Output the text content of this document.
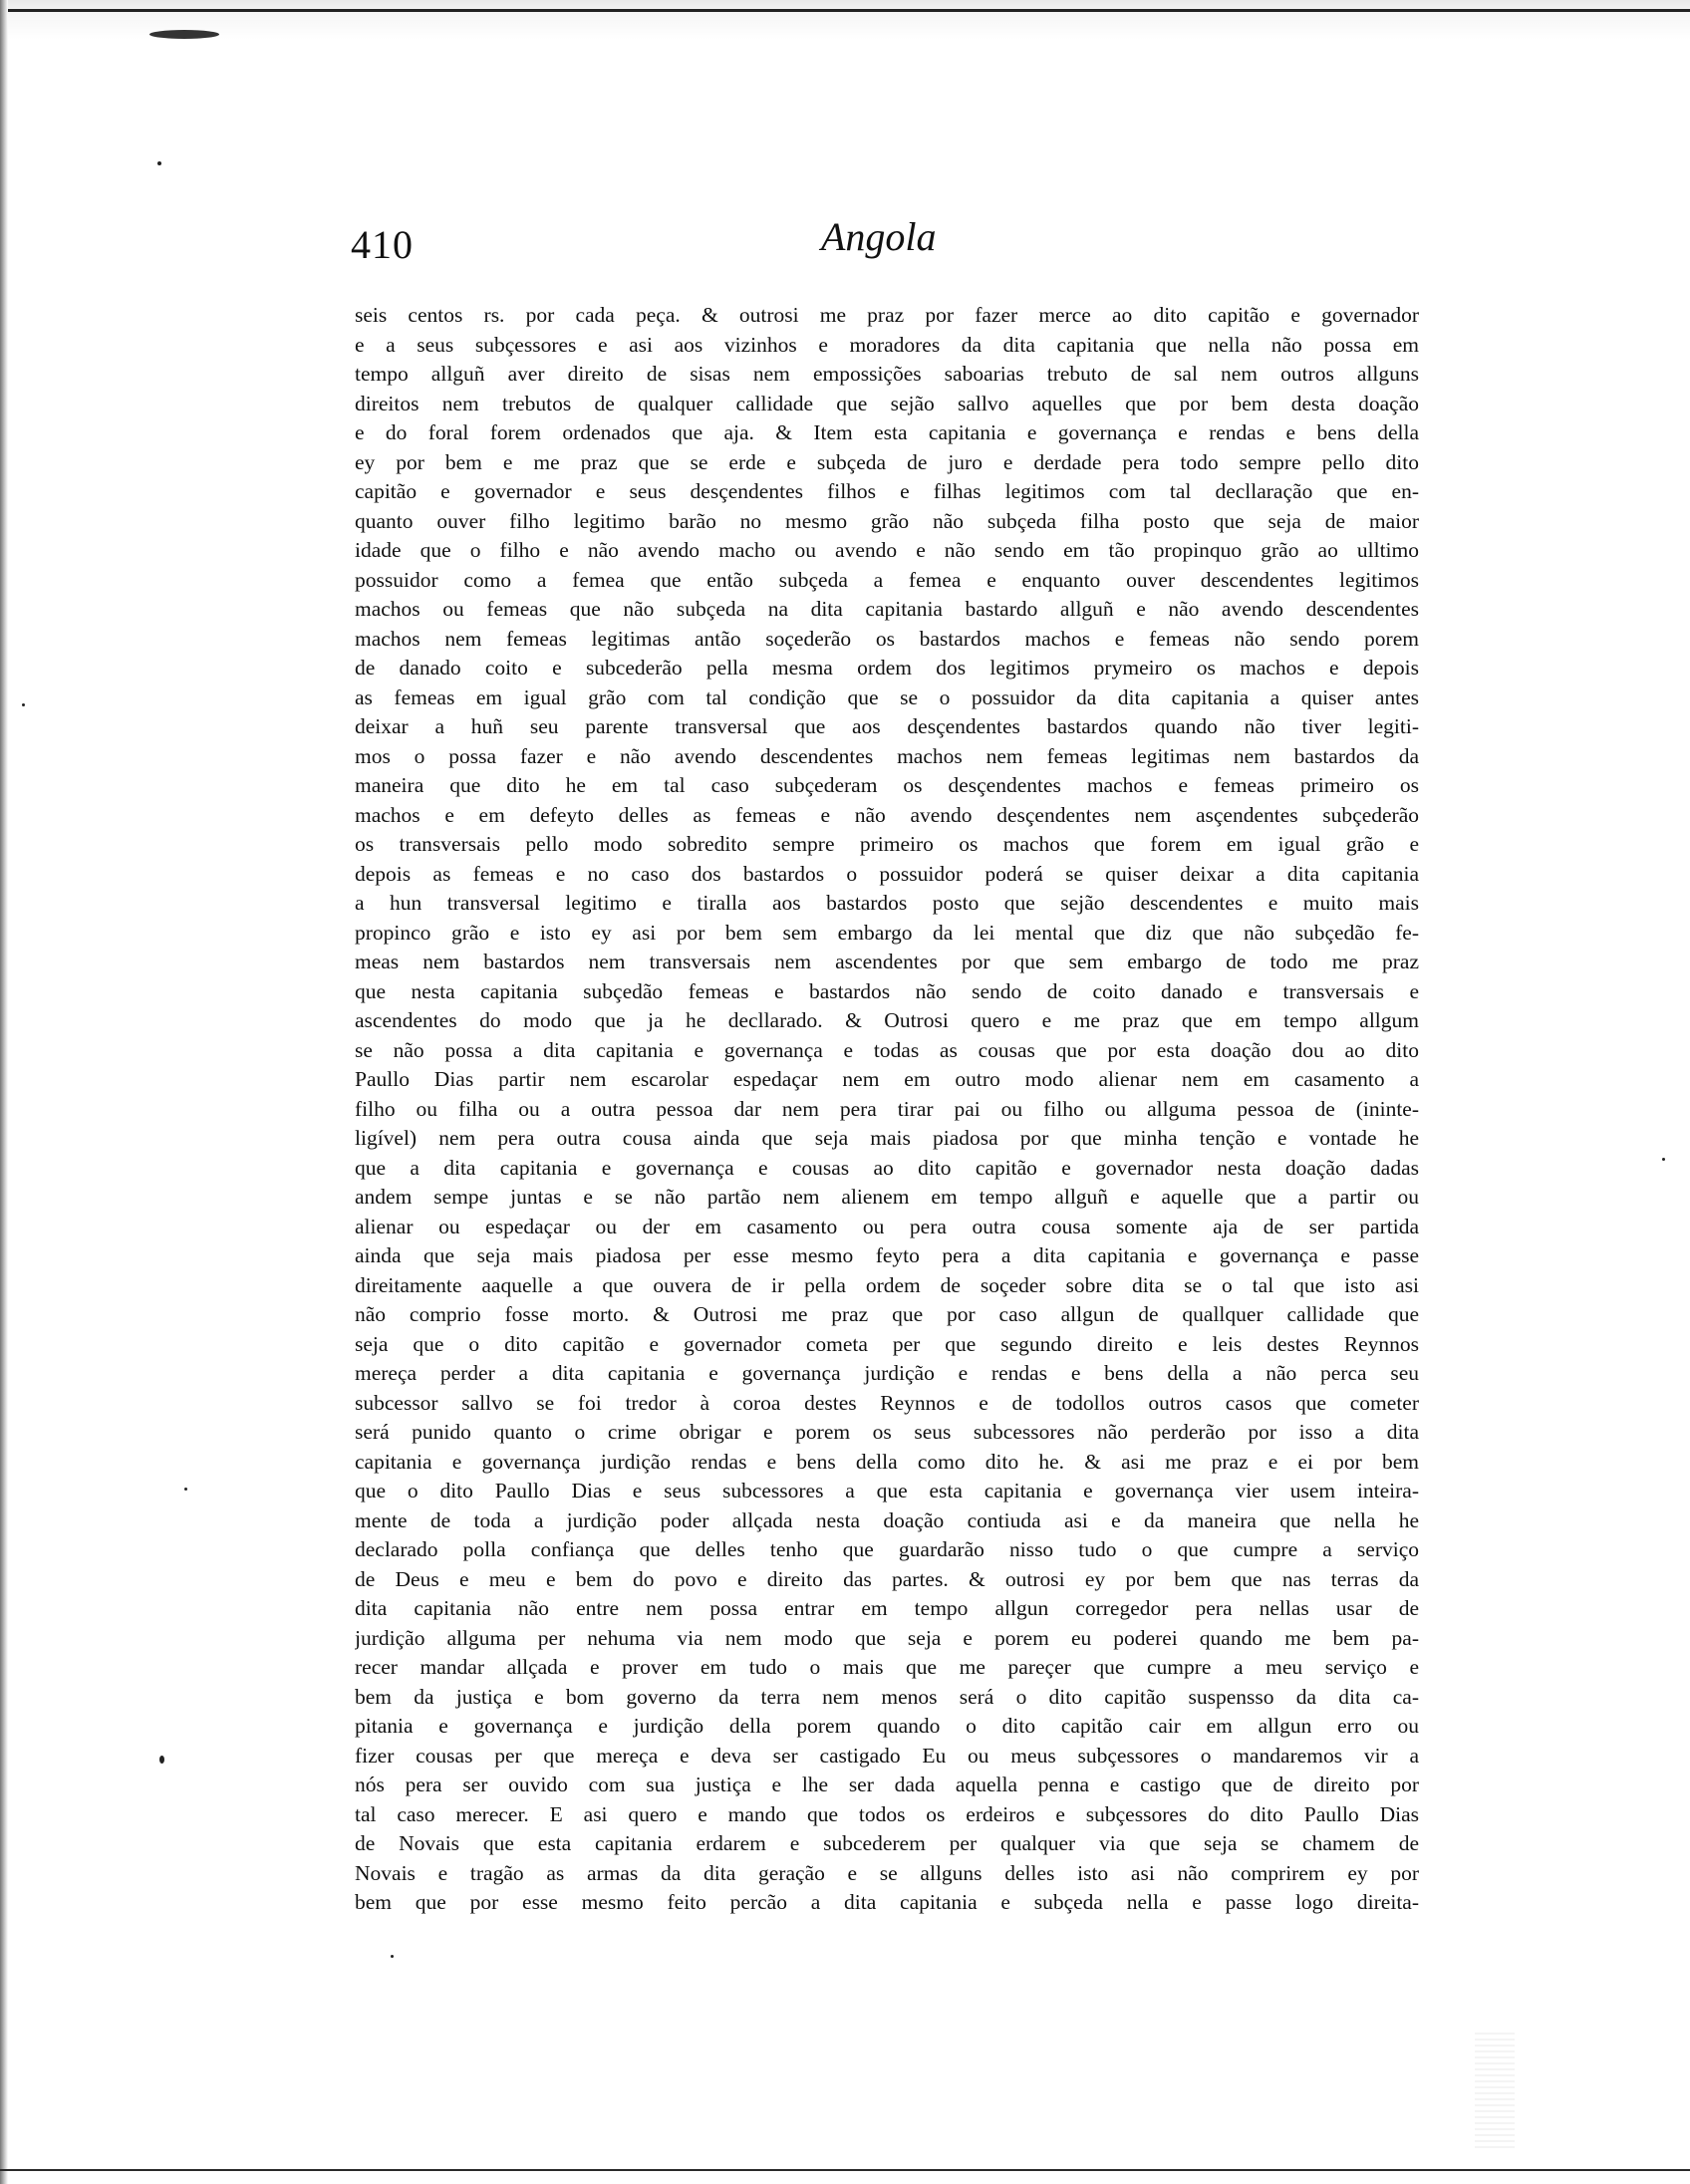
410	Angola
seis centos rs. por cada peça. & outrosi me praz por fazer merce ao dito capitão e governador
e a seus subçessores e asi aos vizinhos e moradores da dita capitania que nella não possa em
tempo allguñ aver direito de sisas nem empossições saboarias trebuto de sal nem outros allguns
direitos nem trebutos de qualquer callidade que sejão sallvo aquelles que por bem desta doação
e do foral forem ordenados que aja. & Item esta capitania e governança e rendas e bens della
ey por bem e me praz que se erde e subçeda de juro e derdade pera todo sempre pello dito
capitão e governador e seus desçendentes filhos e filhas legitimos com tal decllaração que en-
quanto ouver filho legitimo barão no mesmo grão não subçeda filha posto que seja de maior
idade que o filho e não avendo macho ou avendo e não sendo em tão propinquo grão ao ulltimo
possuidor como a femea que então subçeda a femea e enquanto ouver descendentes legitimos
machos ou femeas que não subçeda na dita capitania bastardo allguñ e não avendo descendentes
machos nem femeas legitimas antão soçederão os bastardos machos e femeas não sendo porem
de danado coito e subcederão pella mesma ordem dos legitimos prymeiro os machos e depois
as femeas em igual grão com tal condição que se o possuidor da dita capitania a quiser antes
deixar a huñ seu parente transversal que aos desçendentes bastardos quando não tiver legiti-
mos o possa fazer e não avendo descendentes machos nem femeas legitimas nem bastardos da
maneira que dito he em tal caso subçederam os desçendentes machos e femeas primeiro os
machos e em defeyto delles as femeas e não avendo desçendentes nem asçendentes subçederão
os transversais pello modo sobredito sempre primeiro os machos que forem em igual grão e
depois as femeas e no caso dos bastardos o possuidor poderá se quiser deixar a dita capitania
a hun transversal legitimo e tiralla aos bastardos posto que sejão descendentes e muito mais
propinco grão e isto ey asi por bem sem embargo da lei mental que diz que não subçedão fe-
meas nem bastardos nem transversais nem ascendentes por que sem embargo de todo me praz
que nesta capitania subçedão femeas e bastardos não sendo de coito danado e transversais e
ascendentes do modo que ja he decllarado. & Outrosi quero e me praz que em tempo allgum
se não possa a dita capitania e governança e todas as cousas que por esta doação dou ao dito
Paullo Dias partir nem escarolar espedaçar nem em outro modo alienar nem em casamento a
filho ou filha ou a outra pessoa dar nem pera tirar pai ou filho ou allguma pessoa de (ininte-
ligível) nem pera outra cousa ainda que seja mais piadosa por que minha tenção e vontade he
que a dita capitania e governança e cousas ao dito capitão e governador nesta doação dadas
andem sempe juntas e se não partão nem alienem em tempo allguñ e aquelle que a partir ou
alienar ou espedaçar ou der em casamento ou pera outra cousa somente aja de ser partida
ainda que seja mais piadosa per esse mesmo feyto pera a dita capitania e governança e passe
direitamente aaquelle a que ouvera de ir pella ordem de soçeder sobre dita se o tal que isto asi
não comprio fosse morto. & Outrosi me praz que por caso allgun de quallquer callidade que
seja que o dito capitão e governador cometa per que segundo direito e leis destes Reynnos
mereça perder a dita capitania e governança jurdição e rendas e bens della a não perca seu
subcessor sallvo se foi tredor à coroa destes Reynnos e de todollos outros casos que cometer
será punido quanto o crime obrigar e porem os seus subcessores não perderão por isso a dita
capitania e governança jurdição rendas e bens della como dito he. & asi me praz e ei por bem
que o dito Paullo Dias e seus subcessores a que esta capitania e governança vier usem inteira-
mente de toda a jurdição poder allçada nesta doação contiuda asi e da maneira que nella he
declarado polla confiança que delles tenho que guardarão nisso tudo o que cumpre a serviço
de Deus e meu e bem do povo e direito das partes. & outrosi ey por bem que nas terras da
dita capitania não entre nem possa entrar em tempo allgun corregedor pera nellas usar de
jurdição allguma per nehuma via nem modo que seja e porem eu poderei quando me bem pa-
recer mandar allçada e prover em tudo o mais que me pareçer que cumpre a meu serviço e
bem da justiça e bom governo da terra nem menos será o dito capitão suspensso da dita ca-
pitania e governança e jurdição della porem quando o dito capitão cair em allgun erro ou
fizer cousas per que mereça e deva ser castigado Eu ou meus subçessores o mandaremos vir a
nós pera ser ouvido com sua justiça e lhe ser dada aquella penna e castigo que de direito por
tal caso merecer. E asi quero e mando que todos os erdeiros e subçessores do dito Paullo Dias
de Novais que esta capitania erdarem e subcederem per qualquer via que seja se chamem de
Novais e tragão as armas da dita geração e se allguns delles isto asi não comprirem ey por
bem que por esse mesmo feito percão a dita capitania e subçeda nella e passe logo direita-
